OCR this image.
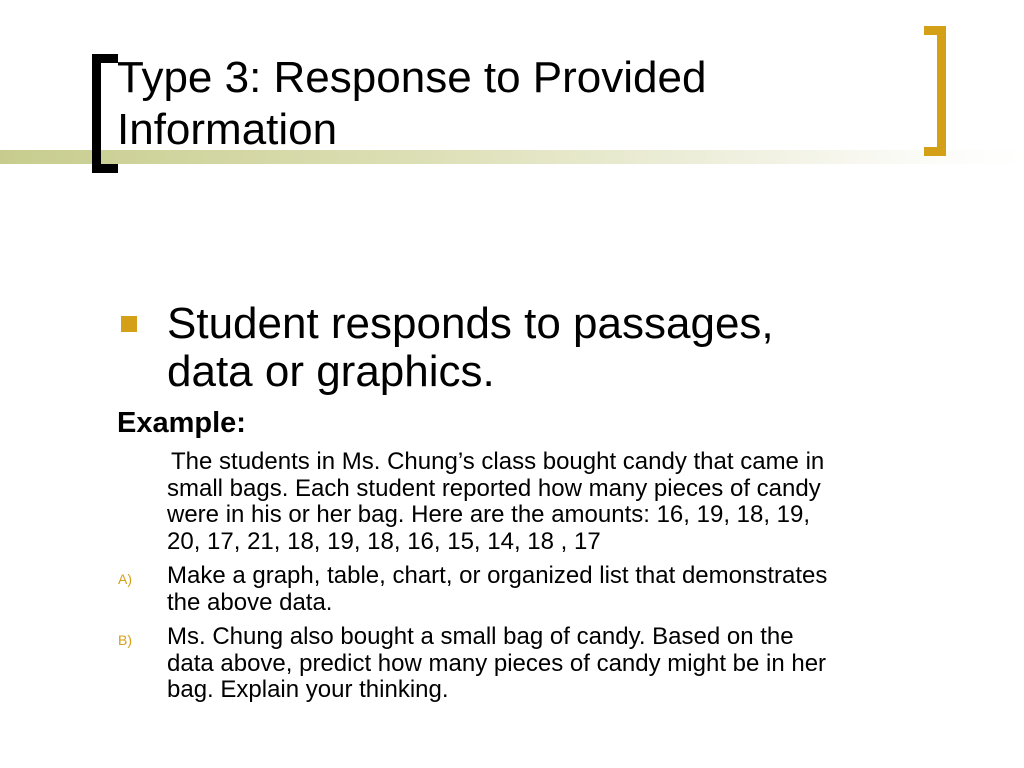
Type 3: Response to Provided
Information

Student responds to passages,
data or graphics.

Example:

The students in Ms. Chung’s class bought candy that came in
small bags. Each student reported how many pieces of candy
were in his or her bag. Here are the amounts: 16, 19, 18, 19,
20, 17, 21, 18, 19, 18, 16, 15, 14, 18 , 17

A) Make a graph, table, chart, or organized list that demonstrates
the above data.

B) Ms. Chung also bought a small bag of candy. Based on the
data above, predict how many pieces of candy might be in her
bag. Explain your thinking.
